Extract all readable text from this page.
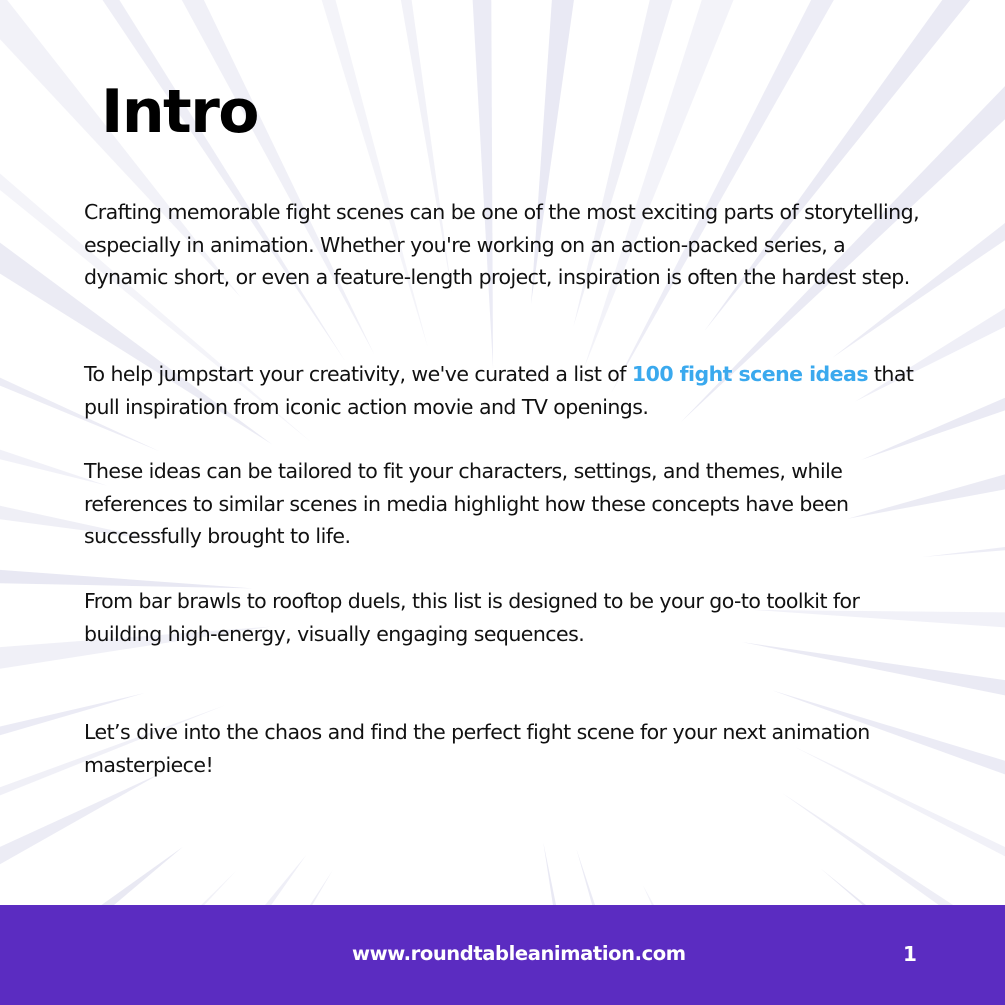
Intro

Crafting memorable fight scenes can be one of the most exciting parts of storytelling, especially in animation. Whether you're working on an action-packed series, a dynamic short, or even a feature-length project, inspiration is often the hardest step.

To help jumpstart your creativity, we've curated a list of 100 fight scene ideas that pull inspiration from iconic action movie and TV openings.

These ideas can be tailored to fit your characters, settings, and themes, while references to similar scenes in media highlight how these concepts have been successfully brought to life.

From bar brawls to rooftop duels, this list is designed to be your go-to toolkit for building high-energy, visually engaging sequences.

Let’s dive into the chaos and find the perfect fight scene for your next animation masterpiece!

www.roundtableanimation.com	1
